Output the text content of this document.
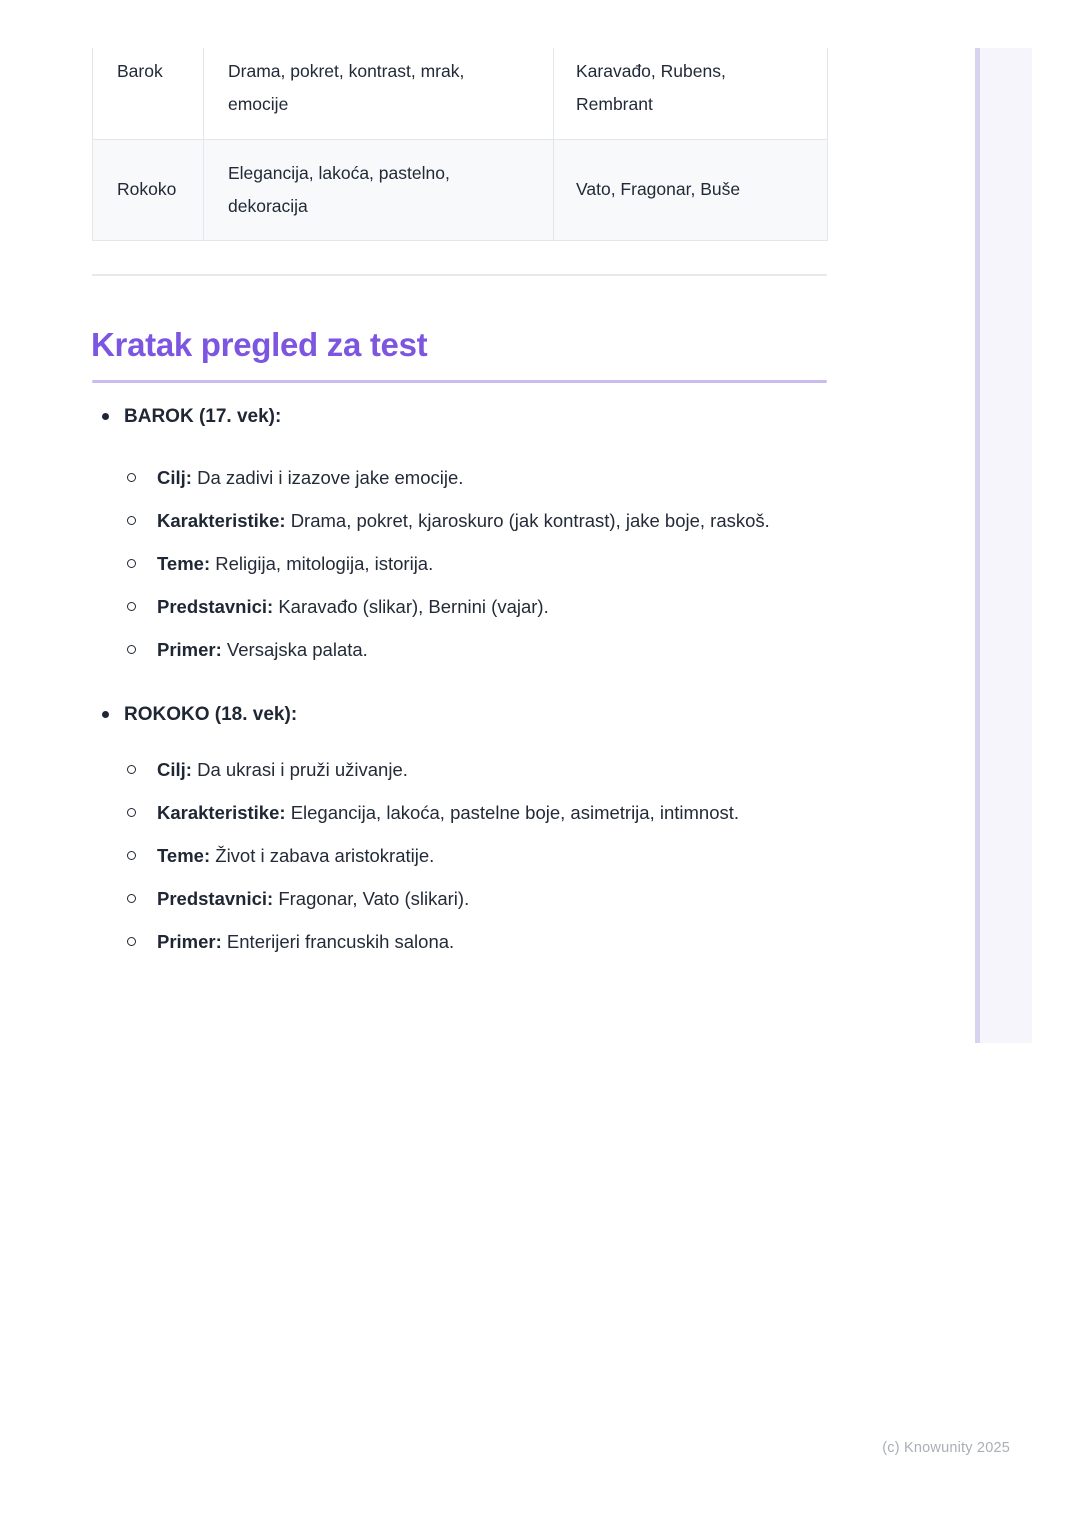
Barok	Drama, pokret, kontrast, mrak, emocije	Karavađo, Rubens, Rembrant
Rokoko	Elegancija, lakoća, pastelno, dekoracija	Vato, Fragonar, Buše
Kratak pregled za test
BAROK (17. vek):
Cilj: Da zadivi i izazove jake emocije.
Karakteristike: Drama, pokret, kjaroskuro (jak kontrast), jake boje, raskoš.
Teme: Religija, mitologija, istorija.
Predstavnici: Karavađo (slikar), Bernini (vajar).
Primer: Versajska palata.
ROKOKO (18. vek):
Cilj: Da ukrasi i pruži uživanje.
Karakteristike: Elegancija, lakoća, pastelne boje, asimetrija, intimnost.
Teme: Život i zabava aristokratije.
Predstavnici: Fragonar, Vato (slikari).
Primer: Enterijeri francuskih salona.
(c) Knowunity 2025
